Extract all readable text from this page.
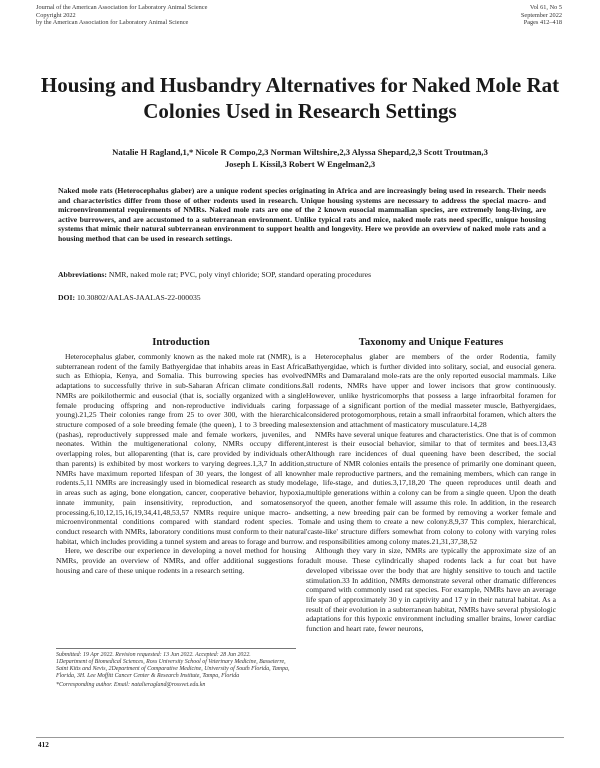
Journal of the American Association for Laboratory Animal Science
Copyright 2022
by the American Association for Laboratory Animal Science
Vol 61, No 5
September 2022
Pages 412–418
Housing and Husbandry Alternatives for Naked Mole Rat Colonies Used in Research Settings
Natalie H Ragland,1,* Nicole R Compo,2,3 Norman Wiltshire,2,3 Alyssa Shepard,2,3 Scott Troutman,3
Joseph L Kissil,3 Robert W Engelman2,3
Naked mole rats (Heterocephalus glaber) are a unique rodent species originating in Africa and are increasingly being used in research. Their needs and characteristics differ from those of other rodents used in research. Unique housing systems are necessary to address the special macro- and microenvironmental requirements of NMRs. Naked mole rats are one of the 2 known eusocial mammalian species, are extremely long-living, are active burrowers, and are accustomed to a subterranean environment. Unlike typical rats and mice, naked mole rats need specific, unique housing systems that mimic their natural subterranean environment to support health and longevity. Here we provide an overview of naked mole rats and a housing method that can be used in research settings.
Abbreviations: NMR, naked mole rat; PVC, poly vinyl chloride; SOP, standard operating procedures
DOI: 10.30802/AALAS-JAALAS-22-000035
Introduction

Heterocephalus glaber, commonly known as the naked mole rat (NMR), is a subterranean rodent of the family Bathyergidae that inhabits areas in East Africa such as Ethiopia, Kenya, and Somalia. This burrowing species has evolved adaptations to successfully thrive in sub-Saharan African climate conditions.8 NMRs are poikilothermic and eusocial (that is, socially organized with a single female producing offspring and non-reproductive individuals caring for young).21,25 Their colonies range from 25 to over 300, with the hierarchical structure composed of a sole breeding female (the queen), 1 to 3 breeding males (pashas), reproductively suppressed male and female workers, juveniles, and neonates. Within the multigenerational colony, NMRs occupy different, overlapping roles, but alloparenting (that is, care provided by individuals other than parents) is exhibited by most workers to varying degrees.1,3,7 In addition, NMRs have maximum reported lifespan of 30 years, the longest of all known rodents.5,11 NMRs are increasingly used in biomedical research as study model in areas such as aging, bone elongation, cancer, cooperative behavior, hypoxia, innate immunity, pain insensitivity, reproduction, and somatosensory processing.6,10,12,15,16,19,34,41,48,53,57 NMRs require unique macro- and microenvironmental conditions compared with standard rodent species. To conduct research with NMRs, laboratory conditions must conform to their natural habitat, which includes providing a tunnel system and areas to forage and burrow.

Here, we describe our experience in developing a novel method for housing NMRs, provide an overview of NMRs, and offer additional suggestions for housing and care of these unique rodents in a research setting.

Taxonomy and Unique Features

Heterocephalus glaber are members of the order Rodentia, family Bathyergidae, which is further divided into solitary, social, and eusocial genera. NMRs and Damaraland mole-rats are the only reported eusocial mammals. Like all rodents, NMRs have upper and lower incisors that grow continuously. However, unlike hystricomorphs that possess a large infraorbital foramen for passage of a significant portion of the medial masseter muscle, Bathyergidaes, considered protogomorphous, retain a small infraorbital foramen, which alters the extension and attachment of masticatory musculature.14,28

NMRs have several unique features and characteristics. One that is of common interest is their eusocial behavior, similar to that of termites and bees.13,43 Although rare incidences of dual queening have been described, the social structure of NMR colonies entails the presence of primarily one dominant queen, her male reproductive partners, and the remaining members, which can range in age, life-stage, and duties.3,17,18,20 The queen reproduces until death and multiple generations within a colony can be from a single queen. Upon the death of the queen, another female will assume this role. In addition, in the research setting, a new breeding pair can be formed by removing a worker female and male and using them to create a new colony.8,9,37 This complex, hierarchical, 'caste-like' structure differs somewhat from colony to colony with varying roles and responsibilities among colony mates.21,31,37,38,52

Although they vary in size, NMRs are typically the approximate size of an adult mouse. These cylindrically shaped rodents lack a fur coat but have developed vibrissae over the body that are highly sensitive to touch and tactile stimulation.33 In addition, NMRs demonstrate several other dramatic differences compared with commonly used rat species. For example, NMRs have an average life span of approximately 30 y in captivity and 17 y in their natural habitat. As a result of their evolution in a subterranean habitat, NMRs have several physiologic adaptations for this hypoxic environment including smaller brains, lower cardiac function and heart rate, fewer neurons,

Submitted: 19 Apr 2022. Revision requested: 13 Jun 2022. Accepted: 28 Jun 2022.
1Department of Biomedical Sciences, Ross University School of Veterinary Medicine, Basseterre, Saint Kitts and Nevis, 2Department of Comparative Medicine, University of South Florida, Tampa, Florida, 3H. Lee Moffitt Cancer Center & Research Institute, Tampa, Florida
*Corresponding author. Email: natalieragland@rossvet.edu.kn
412
